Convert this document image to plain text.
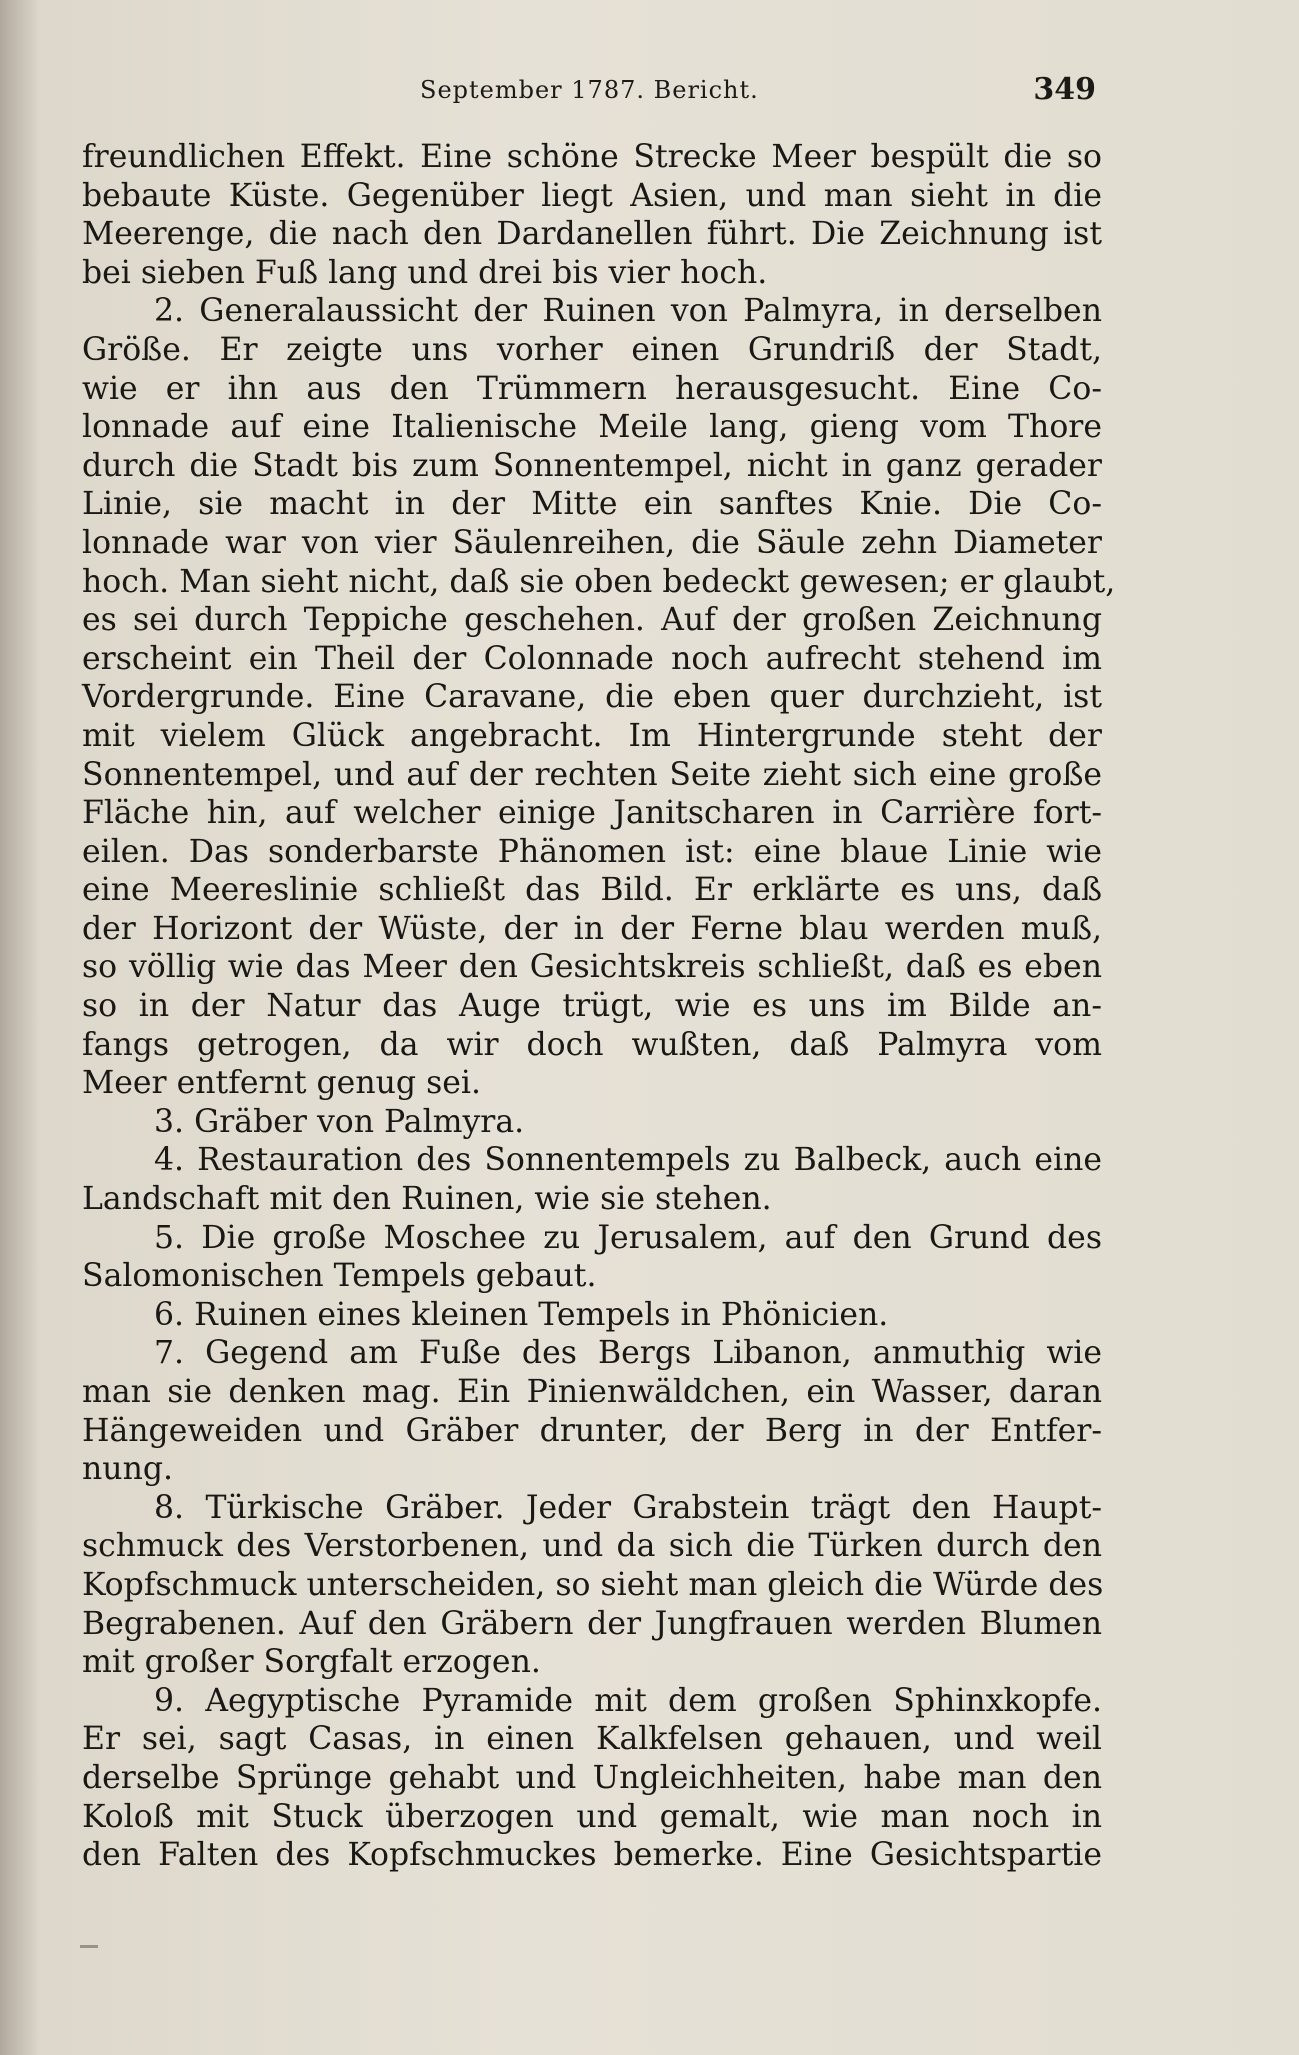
September 1787. Bericht.	349
freundlichen Effekt. Eine schöne Strecke Meer bespült die so
bebaute Küste. Gegenüber liegt Asien, und man sieht in die
Meerenge, die nach den Dardanellen führt. Die Zeichnung ist
bei sieben Fuß lang und drei bis vier hoch.
2. Generalaussicht der Ruinen von Palmyra, in derselben
Größe. Er zeigte uns vorher einen Grundriß der Stadt,
wie er ihn aus den Trümmern herausgesucht. Eine Co-
lonnade auf eine Italienische Meile lang, gieng vom Thore
durch die Stadt bis zum Sonnentempel, nicht in ganz gerader
Linie, sie macht in der Mitte ein sanftes Knie. Die Co-
lonnade war von vier Säulenreihen, die Säule zehn Diameter
hoch. Man sieht nicht, daß sie oben bedeckt gewesen; er glaubt,
es sei durch Teppiche geschehen. Auf der großen Zeichnung
erscheint ein Theil der Colonnade noch aufrecht stehend im
Vordergrunde. Eine Caravane, die eben quer durchzieht, ist
mit vielem Glück angebracht. Im Hintergrunde steht der
Sonnentempel, und auf der rechten Seite zieht sich eine große
Fläche hin, auf welcher einige Janitscharen in Carrière fort-
eilen. Das sonderbarste Phänomen ist: eine blaue Linie wie
eine Meereslinie schließt das Bild. Er erklärte es uns, daß
der Horizont der Wüste, der in der Ferne blau werden muß,
so völlig wie das Meer den Gesichtskreis schließt, daß es eben
so in der Natur das Auge trügt, wie es uns im Bilde an-
fangs getrogen, da wir doch wußten, daß Palmyra vom
Meer entfernt genug sei.
3. Gräber von Palmyra.
4. Restauration des Sonnentempels zu Balbeck, auch eine
Landschaft mit den Ruinen, wie sie stehen.
5. Die große Moschee zu Jerusalem, auf den Grund des
Salomonischen Tempels gebaut.
6. Ruinen eines kleinen Tempels in Phönicien.
7. Gegend am Fuße des Bergs Libanon, anmuthig wie
man sie denken mag. Ein Pinienwäldchen, ein Wasser, daran
Hängeweiden und Gräber drunter, der Berg in der Entfer-
nung.
8. Türkische Gräber. Jeder Grabstein trägt den Haupt-
schmuck des Verstorbenen, und da sich die Türken durch den
Kopfschmuck unterscheiden, so sieht man gleich die Würde des
Begrabenen. Auf den Gräbern der Jungfrauen werden Blumen
mit großer Sorgfalt erzogen.
9. Aegyptische Pyramide mit dem großen Sphinxkopfe.
Er sei, sagt Casas, in einen Kalkfelsen gehauen, und weil
derselbe Sprünge gehabt und Ungleichheiten, habe man den
Koloß mit Stuck überzogen und gemalt, wie man noch in
den Falten des Kopfschmuckes bemerke. Eine Gesichtspartie
